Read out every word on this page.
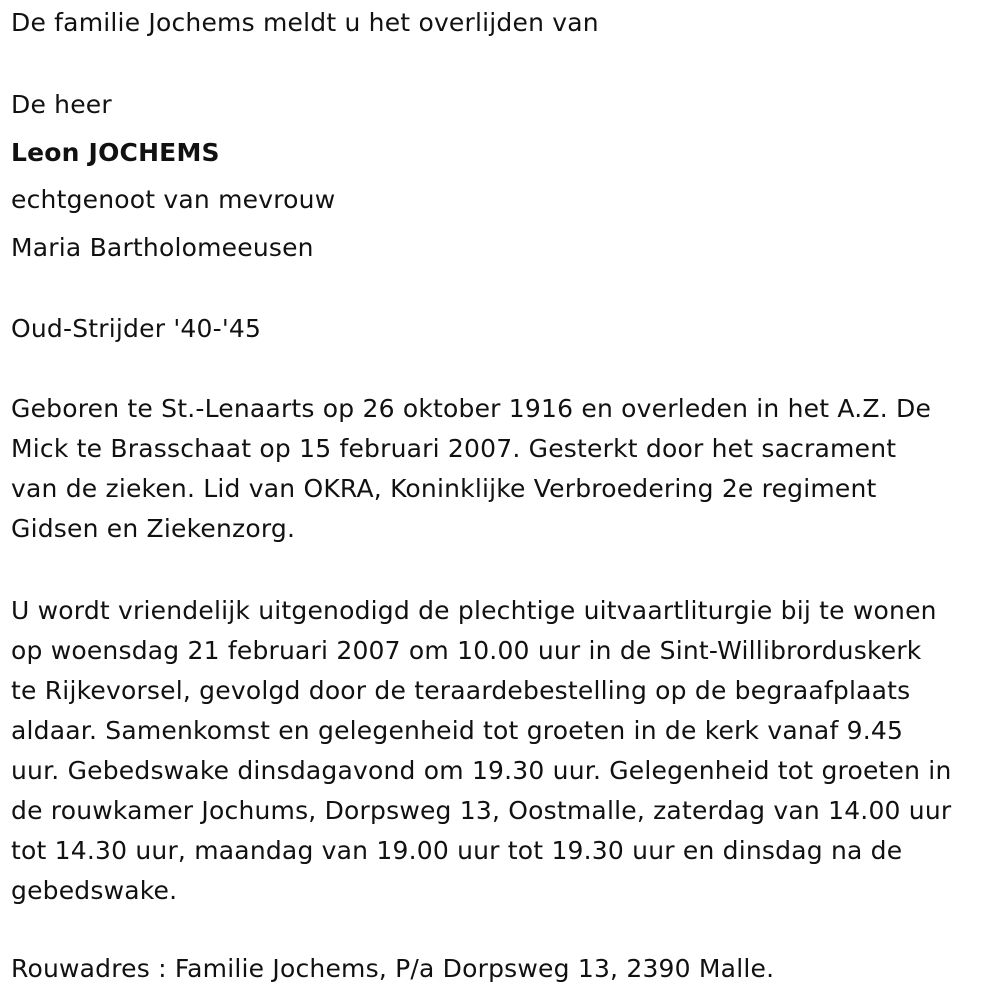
De familie Jochems meldt u het overlijden van

De heer

Leon JOCHEMS

echtgenoot van mevrouw

Maria Bartholomeeusen

Oud-Strijder '40-'45

Geboren te St.-Lenaarts op 26 oktober 1916 en overleden in het A.Z. De
Mick te Brasschaat op 15 februari 2007. Gesterkt door het sacrament
van de zieken. Lid van OKRA, Koninklijke Verbroedering 2e regiment
Gidsen en Ziekenzorg.
U wordt vriendelijk uitgenodigd de plechtige uitvaartliturgie bij te wonen
op woensdag 21 februari 2007 om 10.00 uur in de Sint-Willibrorduskerk
te Rijkevorsel, gevolgd door de teraardebestelling op de begraafplaats
aldaar. Samenkomst en gelegenheid tot groeten in de kerk vanaf 9.45
uur. Gebedswake dinsdagavond om 19.30 uur. Gelegenheid tot groeten in
de rouwkamer Jochums, Dorpsweg 13, Oostmalle, zaterdag van 14.00 uur
tot 14.30 uur, maandag van 19.00 uur tot 19.30 uur en dinsdag na de
gebedswake.

Rouwadres : Familie Jochems, P/a Dorpsweg 13, 2390 Malle.
